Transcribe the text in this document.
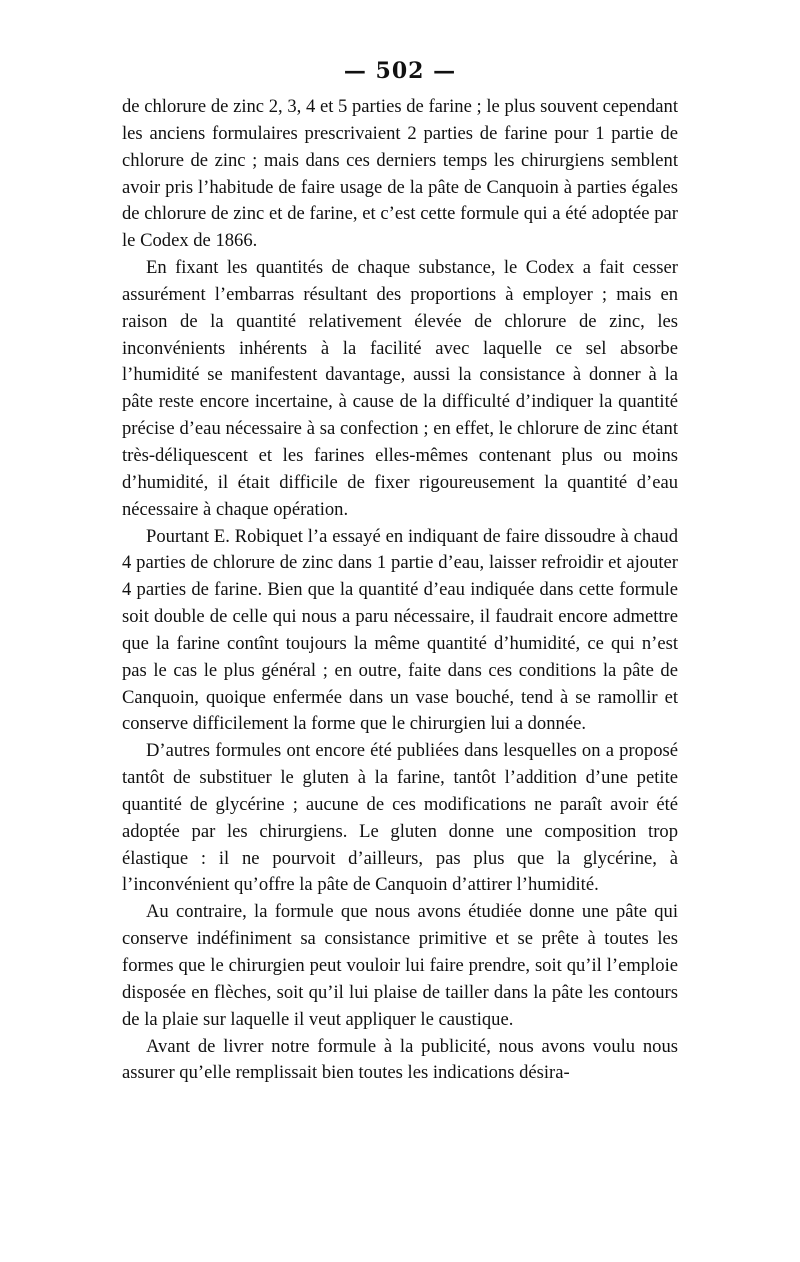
— 502 —

de chlorure de zinc 2, 3, 4 et 5 parties de farine ; le plus souvent cependant les anciens formulaires prescrivaient 2 parties de farine pour 1 partie de chlorure de zinc ; mais dans ces derniers temps les chirurgiens semblent avoir pris l’habitude de faire usage de la pâte de Canquoin à parties égales de chlorure de zinc et de farine, et c’est cette formule qui a été adoptée par le Codex de 1866.

En fixant les quantités de chaque substance, le Codex a fait cesser assurément l’embarras résultant des proportions à employer ; mais en raison de la quantité relativement élevée de chlorure de zinc, les inconvénients inhérents à la facilité avec laquelle ce sel absorbe l’humidité se manifestent davantage, aussi la consistance à donner à la pâte reste encore incertaine, à cause de la difficulté d’indiquer la quantité précise d’eau nécessaire à sa confection ; en effet, le chlorure de zinc étant très-déliquescent et les farines elles-mêmes contenant plus ou moins d’humidité, il était difficile de fixer rigoureusement la quantité d’eau nécessaire à chaque opération.

Pourtant E. Robiquet l’a essayé en indiquant de faire dissoudre à chaud 4 parties de chlorure de zinc dans 1 partie d’eau, laisser refroidir et ajouter 4 parties de farine. Bien que la quantité d’eau indiquée dans cette formule soit double de celle qui nous a paru nécessaire, il faudrait encore admettre que la farine contînt toujours la même quantité d’humidité, ce qui n’est pas le cas le plus général ; en outre, faite dans ces conditions la pâte de Canquoin, quoique enfermée dans un vase bouché, tend à se ramollir et conserve difficilement la forme que le chirurgien lui a donnée.

D’autres formules ont encore été publiées dans lesquelles on a proposé tantôt de substituer le gluten à la farine, tantôt l’addition d’une petite quantité de glycérine ; aucune de ces modifications ne paraît avoir été adoptée par les chirurgiens. Le gluten donne une composition trop élastique : il ne pourvoit d’ailleurs, pas plus que la glycérine, à l’inconvénient qu’offre la pâte de Canquoin d’attirer l’humidité.

Au contraire, la formule que nous avons étudiée donne une pâte qui conserve indéfiniment sa consistance primitive et se prête à toutes les formes que le chirurgien peut vouloir lui faire prendre, soit qu’il l’emploie disposée en flèches, soit qu’il lui plaise de tailler dans la pâte les contours de la plaie sur laquelle il veut appliquer le caustique.

Avant de livrer notre formule à la publicité, nous avons voulu nous assurer qu’elle remplissait bien toutes les indications désira-
